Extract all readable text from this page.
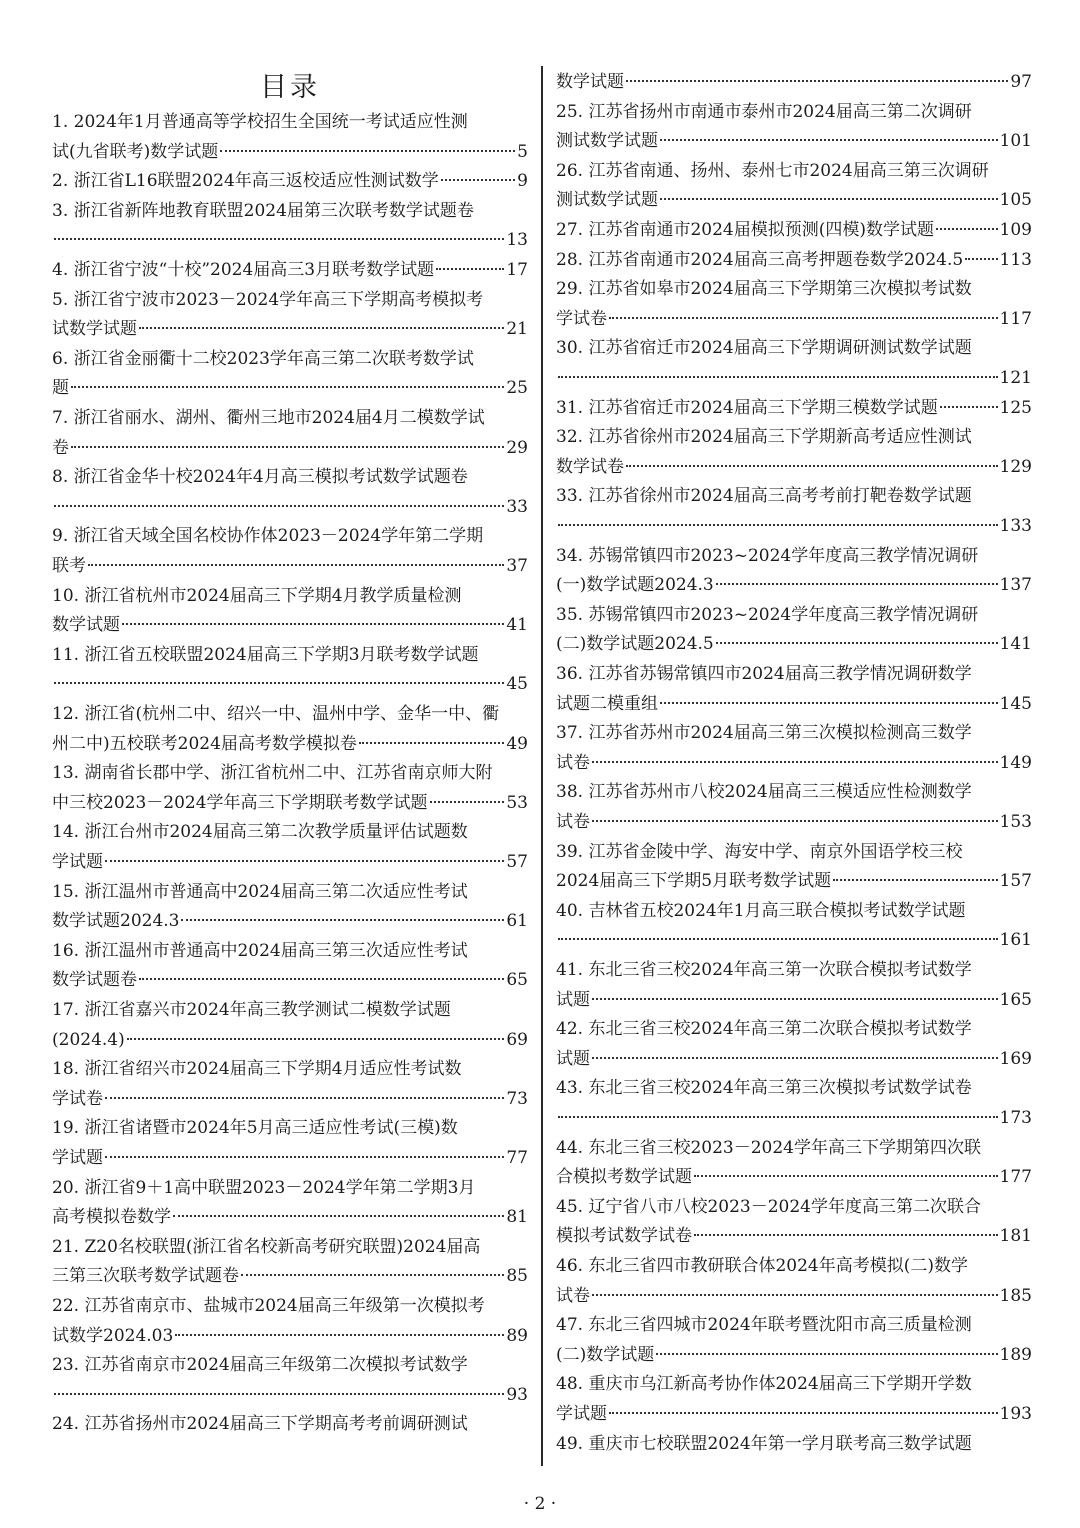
目录
1. 2024年1月普通高等学校招生全国统一考试适应性测
试(九省联考)数学试题	5
2. 浙江省L16联盟2024年高三返校适应性测试数学	9
3. 浙江省新阵地教育联盟2024届第三次联考数学试题卷
13
4. 浙江省宁波“十校”2024届高三3月联考数学试题	17
5. 浙江省宁波市2023－2024学年高三下学期高考模拟考
试数学试题	21
6. 浙江省金丽衢十二校2023学年高三第二次联考数学试
题	25
7. 浙江省丽水、湖州、衢州三地市2024届4月二模数学试
卷	29
8. 浙江省金华十校2024年4月高三模拟考试数学试题卷
33
9. 浙江省天域全国名校协作体2023－2024学年第二学期
联考	37
10. 浙江省杭州市2024届高三下学期4月教学质量检测
数学试题	41
11. 浙江省五校联盟2024届高三下学期3月联考数学试题
45
12. 浙江省(杭州二中、绍兴一中、温州中学、金华一中、衢
州二中)五校联考2024届高考数学模拟卷	49
13. 湖南省长郡中学、浙江省杭州二中、江苏省南京师大附
中三校2023－2024学年高三下学期联考数学试题	53
14. 浙江台州市2024届高三第二次教学质量评估试题数
学试题	57
15. 浙江温州市普通高中2024届高三第二次适应性考试
数学试题2024.3	61
16. 浙江温州市普通高中2024届高三第三次适应性考试
数学试题卷	65
17. 浙江省嘉兴市2024年高三教学测试二模数学试题
(2024.4)	69
18. 浙江省绍兴市2024届高三下学期4月适应性考试数
学试卷	73
19. 浙江省诸暨市2024年5月高三适应性考试(三模)数
学试题	77
20. 浙江省9＋1高中联盟2023－2024学年第二学期3月
高考模拟卷数学	81
21. Z20名校联盟(浙江省名校新高考研究联盟)2024届高
三第三次联考数学试题卷	85
22. 江苏省南京市、盐城市2024届高三年级第一次模拟考
试数学2024.03	89
23. 江苏省南京市2024届高三年级第二次模拟考试数学
93
24. 江苏省扬州市2024届高三下学期高考考前调研测试
数学试题	97
25. 江苏省扬州市南通市泰州市2024届高三第二次调研
测试数学试题	101
26. 江苏省南通、扬州、泰州七市2024届高三第三次调研
测试数学试题	105
27. 江苏省南通市2024届模拟预测(四模)数学试题	109
28. 江苏省南通市2024届高三高考押题卷数学2024.5 113
29. 江苏省如皋市2024届高三下学期第三次模拟考试数
学试卷	117
30. 江苏省宿迁市2024届高三下学期调研测试数学试题
121
31. 江苏省宿迁市2024届高三下学期三模数学试题	125
32. 江苏省徐州市2024届高三下学期新高考适应性测试
数学试卷	129
33. 江苏省徐州市2024届高三高考考前打靶卷数学试题
133
34. 苏锡常镇四市2023~2024学年度高三教学情况调研
(一)数学试题2024.3	137
35. 苏锡常镇四市2023~2024学年度高三教学情况调研
(二)数学试题2024.5	141
36. 江苏省苏锡常镇四市2024届高三教学情况调研数学
试题二模重组	145
37. 江苏省苏州市2024届高三第三次模拟检测高三数学
试卷	149
38. 江苏省苏州市八校2024届高三三模适应性检测数学
试卷	153
39. 江苏省金陵中学、海安中学、南京外国语学校三校
2024届高三下学期5月联考数学试题	157
40. 吉林省五校2024年1月高三联合模拟考试数学试题
161
41. 东北三省三校2024年高三第一次联合模拟考试数学
试题	165
42. 东北三省三校2024年高三第二次联合模拟考试数学
试题	169
43. 东北三省三校2024年高三第三次模拟考试数学试卷
173
44. 东北三省三校2023－2024学年高三下学期第四次联
合模拟考数学试题	177
45. 辽宁省八市八校2023－2024学年度高三第二次联合
模拟考试数学试卷	181
46. 东北三省四市教研联合体2024年高考模拟(二)数学
试卷	185
47. 东北三省四城市2024年联考暨沈阳市高三质量检测
(二)数学试题	189
48. 重庆市乌江新高考协作体2024届高三下学期开学数
学试题	193
49. 重庆市七校联盟2024年第一学月联考高三数学试题
· 2 ·
